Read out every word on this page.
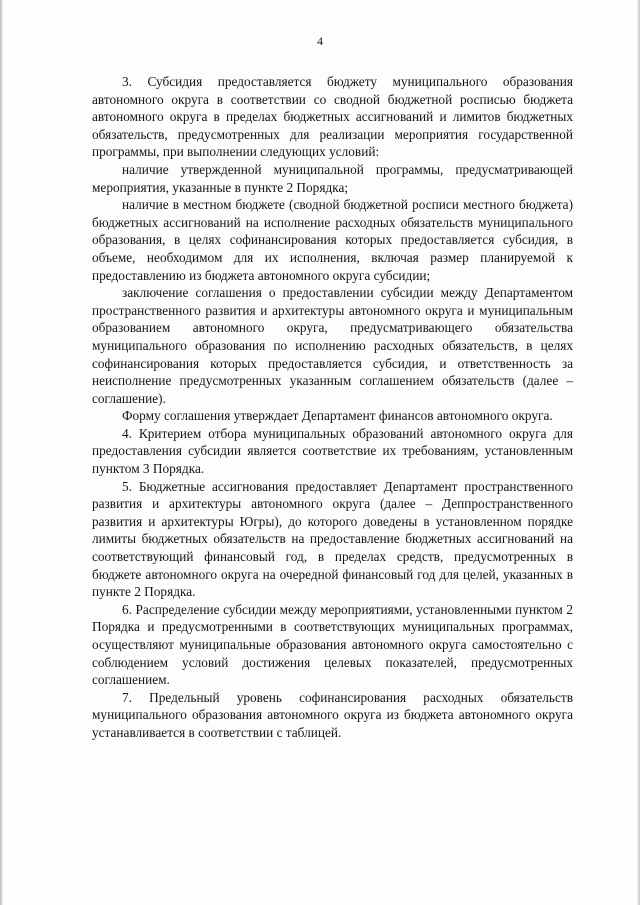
4

3. Субсидия предоставляется бюджету муниципального образования автономного округа в соответствии со сводной бюджетной росписью бюджета автономного округа в пределах бюджетных ассигнований и лимитов бюджетных обязательств, предусмотренных для реализации мероприятия государственной программы, при выполнении следующих условий:

наличие утвержденной муниципальной программы, предусматривающей мероприятия, указанные в пункте 2 Порядка;

наличие в местном бюджете (сводной бюджетной росписи местного бюджета) бюджетных ассигнований на исполнение расходных обязательств муниципального образования, в целях софинансирования которых предоставляется субсидия, в объеме, необходимом для их исполнения, включая размер планируемой к предоставлению из бюджета автономного округа субсидии;

заключение соглашения о предоставлении субсидии между Департаментом пространственного развития и архитектуры автономного округа и муниципальным образованием автономного округа, предусматривающего обязательства муниципального образования по исполнению расходных обязательств, в целях софинансирования которых предоставляется субсидия, и ответственность за неисполнение предусмотренных указанным соглашением обязательств (далее – соглашение).

Форму соглашения утверждает Департамент финансов автономного округа.

4. Критерием отбора муниципальных образований автономного округа для предоставления субсидии является соответствие их требованиям, установленным пунктом 3 Порядка.

5. Бюджетные ассигнования предоставляет Департамент пространственного развития и архитектуры автономного округа (далее – Деппространственного развития и архитектуры Югры), до которого доведены в установленном порядке лимиты бюджетных обязательств на предоставление бюджетных ассигнований на соответствующий финансовый год, в пределах средств, предусмотренных в бюджете автономного округа на очередной финансовый год для целей, указанных в пункте 2 Порядка.

6. Распределение субсидии между мероприятиями, установленными пунктом 2 Порядка и предусмотренными в соответствующих муниципальных программах, осуществляют муниципальные образования автономного округа самостоятельно с соблюдением условий достижения целевых показателей, предусмотренных соглашением.

7. Предельный уровень софинансирования расходных обязательств муниципального образования автономного округа из бюджета автономного округа устанавливается в соответствии с таблицей.
